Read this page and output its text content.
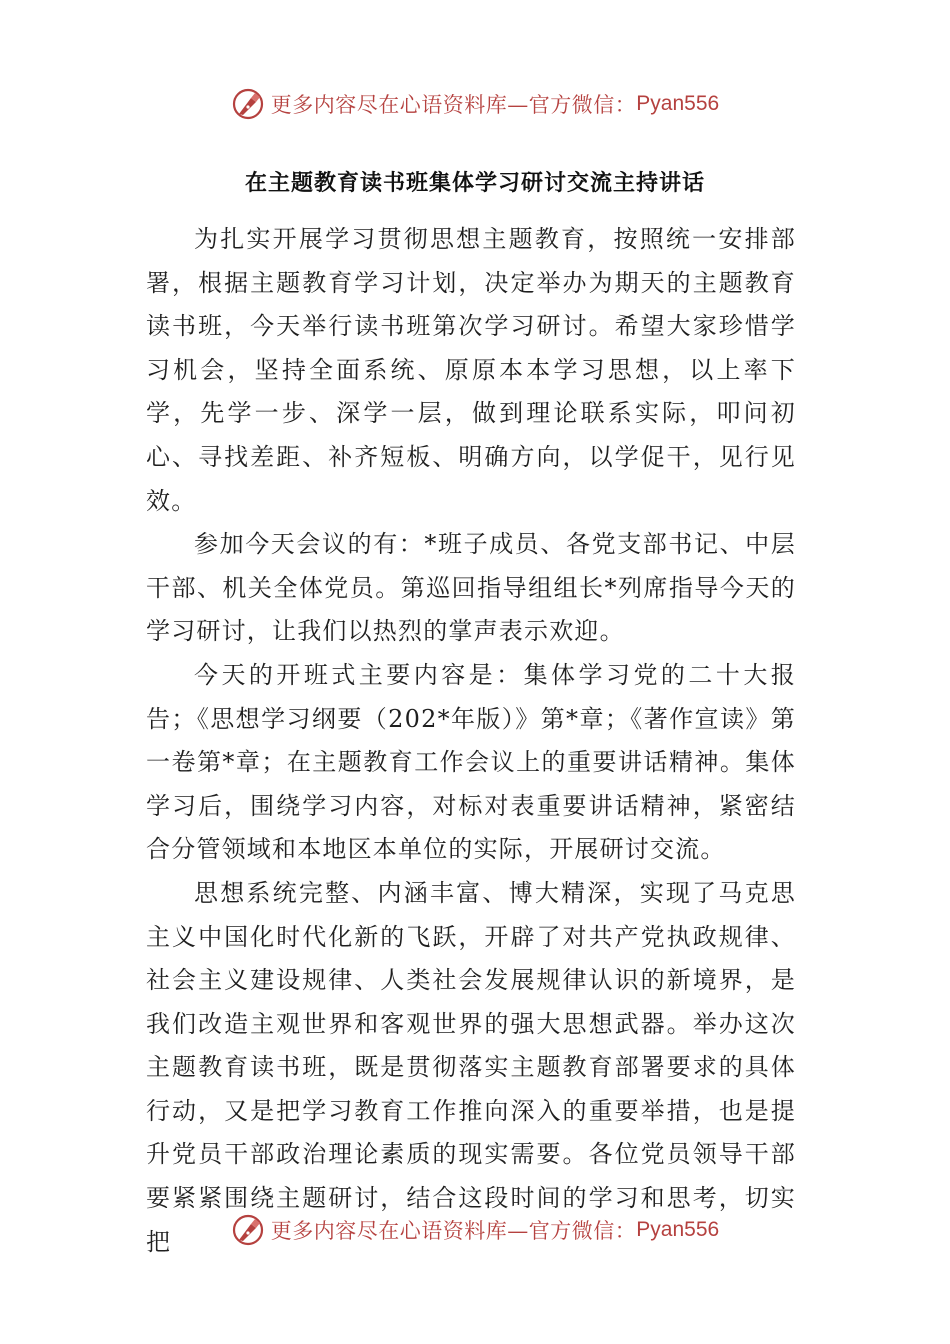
更多内容尽在心语资料库—官方微信： Pyan556
在主题教育读书班集体学习研讨交流主持讲话

为扎实开展学习贯彻思想主题教育，按照统一安排部署，根据主题教育学习计划，决定举办为期天的主题教育读书班，今天举行读书班第次学习研讨。希望大家珍惜学习机会，坚持全面系统、原原本本学习思想，以上率下学，先学一步、深学一层，做到理论联系实际，叩问初心、寻找差距、补齐短板、明确方向，以学促干，见行见效。

参加今天会议的有：*班子成员、各党支部书记、中层干部、机关全体党员。第巡回指导组组长*列席指导今天的学习研讨，让我们以热烈的掌声表示欢迎。

今天的开班式主要内容是：集体学习党的二十大报告；《思想学习纲要（202*年版）》第*章；《著作宣读》第一卷第*章；在主题教育工作会议上的重要讲话精神。集体学习后，围绕学习内容，对标对表重要讲话精神，紧密结合分管领域和本地区本单位的实际，开展研讨交流。

思想系统完整、内涵丰富、博大精深，实现了马克思主义中国化时代化新的飞跃，开辟了对共产党执政规律、社会主义建设规律、人类社会发展规律认识的新境界，是我们改造主观世界和客观世界的强大思想武器。举办这次主题教育读书班，既是贯彻落实主题教育部署要求的具体行动，又是把学习教育工作推向深入的重要举措，也是提升党员干部政治理论素质的现实需要。各位党员领导干部要紧紧围绕主题研讨，结合这段时间的学习和思考，切实把	更多内容尽在心语资料库—官方微信： Pyan556
